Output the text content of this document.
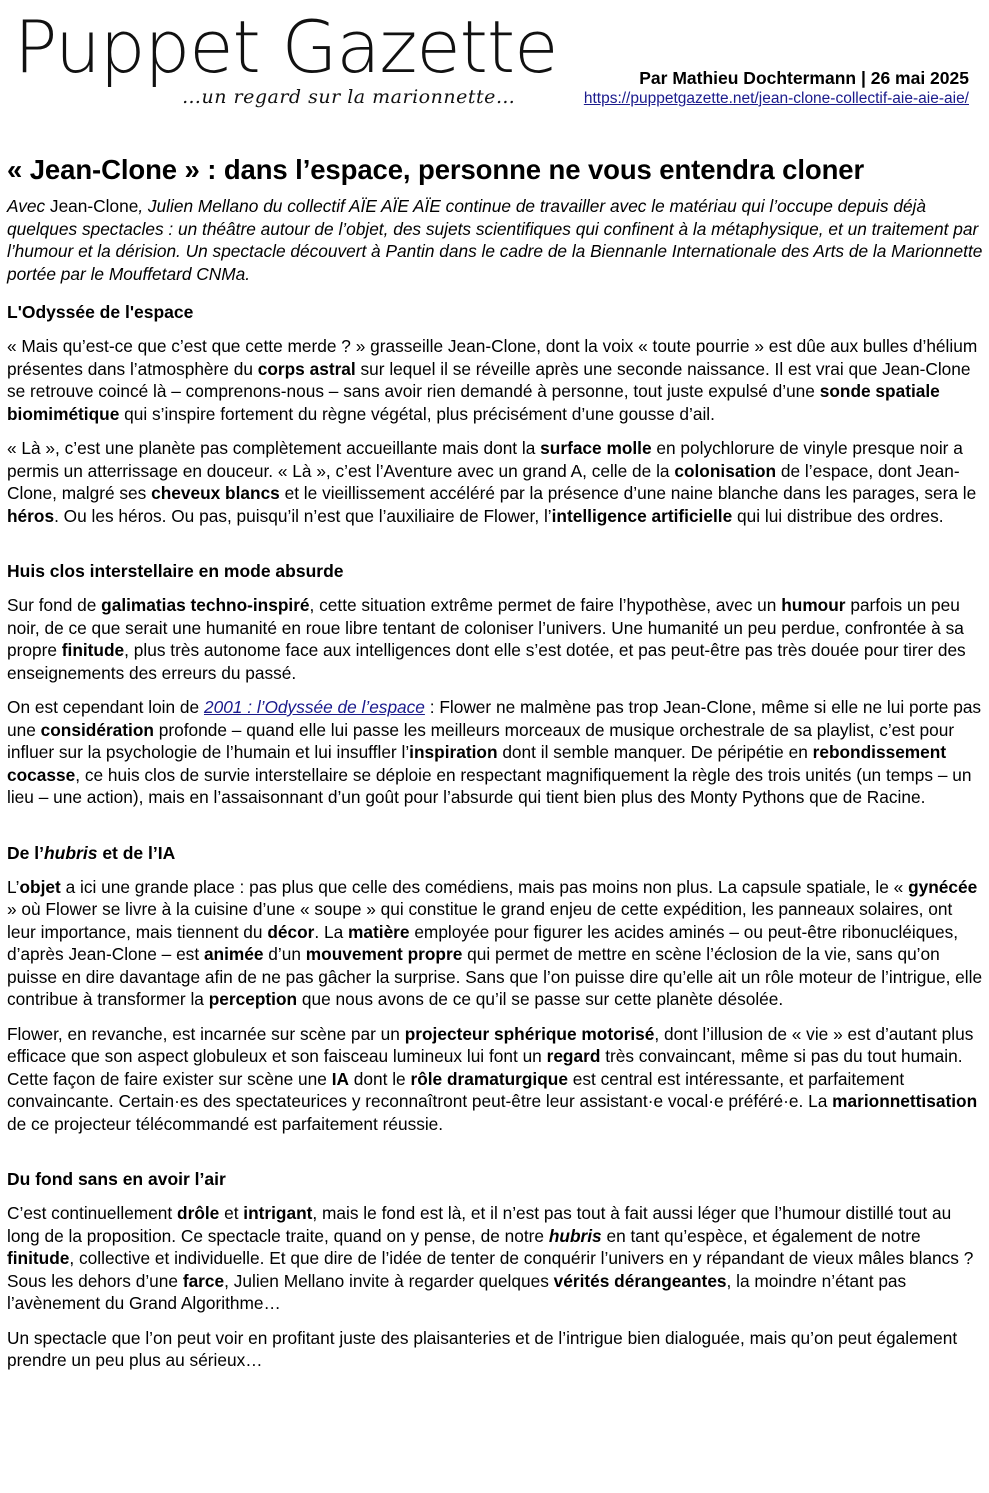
Puppet Gazette
…un regard sur la marionnette…
Par Mathieu Dochtermann | 26 mai 2025
https://puppetgazette.net/jean-clone-collectif-aie-aie-aie/
« Jean-Clone » : dans l’espace, personne ne vous entendra cloner

Avec Jean-Clone, Julien Mellano du collectif AÏE AÏE AÏE continue de travailler avec le matériau qui l’occupe depuis déjà quelques spectacles : un théâtre autour de l’objet, des sujets scientifiques qui confinent à la métaphysique, et un traitement par l’humour et la dérision. Un spectacle découvert à Pantin dans le cadre de la Biennanle Internationale des Arts de la Marionnette portée par le Mouffetard CNMa.

L'Odyssée de l'espace

« Mais qu’est-ce que c’est que cette merde ? » grasseille Jean-Clone, dont la voix « toute pourrie » est dûe aux bulles d’hélium présentes dans l’atmosphère du corps astral sur lequel il se réveille après une seconde naissance. Il est vrai que Jean-Clone se retrouve coincé là – comprenons-nous – sans avoir rien demandé à personne, tout juste expulsé d’une sonde spatiale biomimétique qui s’inspire fortement du règne végétal, plus précisément d’une gousse d’ail.

« Là », c’est une planète pas complètement accueillante mais dont la surface molle en polychlorure de vinyle presque noir a permis un atterrissage en douceur. « Là », c’est l’Aventure avec un grand A, celle de la colonisation de l’espace, dont Jean-Clone, malgré ses cheveux blancs et le vieillissement accéléré par la présence d’une naine blanche dans les parages, sera le héros. Ou les héros. Ou pas, puisqu’il n’est que l’auxiliaire de Flower, l’intelligence artificielle qui lui distribue des ordres.

Huis clos interstellaire en mode absurde

Sur fond de galimatias techno-inspiré, cette situation extrême permet de faire l’hypothèse, avec un humour parfois un peu noir, de ce que serait une humanité en roue libre tentant de coloniser l’univers. Une humanité un peu perdue, confrontée à sa propre finitude, plus très autonome face aux intelligences dont elle s’est dotée, et pas peut-être pas très douée pour tirer des enseignements des erreurs du passé.

On est cependant loin de 2001 : l’Odyssée de l’espace : Flower ne malmène pas trop Jean-Clone, même si elle ne lui porte pas une considération profonde – quand elle lui passe les meilleurs morceaux de musique orchestrale de sa playlist, c’est pour influer sur la psychologie de l’humain et lui insuffler l’inspiration dont il semble manquer. De péripétie en rebondissement cocasse, ce huis clos de survie interstellaire se déploie en respectant magnifiquement la règle des trois unités (un temps – un lieu – une action), mais en l’assaisonnant d’un goût pour l’absurde qui tient bien plus des Monty Pythons que de Racine.

De l’hubris et de l’IA

L’objet a ici une grande place : pas plus que celle des comédiens, mais pas moins non plus. La capsule spatiale, le « gynécée » où Flower se livre à la cuisine d’une « soupe » qui constitue le grand enjeu de cette expédition, les panneaux solaires, ont leur importance, mais tiennent du décor. La matière employée pour figurer les acides aminés – ou peut-être ribonucléiques, d’après Jean-Clone – est animée d’un mouvement propre qui permet de mettre en scène l’éclosion de la vie, sans qu’on puisse en dire davantage afin de ne pas gâcher la surprise. Sans que l’on puisse dire qu’elle ait un rôle moteur de l’intrigue, elle contribue à transformer la perception que nous avons de ce qu’il se passe sur cette planète désolée.

Flower, en revanche, est incarnée sur scène par un projecteur sphérique motorisé, dont l’illusion de « vie » est d’autant plus efficace que son aspect globuleux et son faisceau lumineux lui font un regard très convaincant, même si pas du tout humain. Cette façon de faire exister sur scène une IA dont le rôle dramaturgique est central est intéressante, et parfaitement convaincante. Certain·es des spectateurices y reconnaîtront peut-être leur assistant·e vocal·e préféré·e. La marionnettisation de ce projecteur télécommandé est parfaitement réussie.

Du fond sans en avoir l’air

C’est continuellement drôle et intrigant, mais le fond est là, et il n’est pas tout à fait aussi léger que l’humour distillé tout au long de la proposition. Ce spectacle traite, quand on y pense, de notre hubris en tant qu’espèce, et également de notre finitude, collective et individuelle. Et que dire de l’idée de tenter de conquérir l’univers en y répandant de vieux mâles blancs ? Sous les dehors d’une farce, Julien Mellano invite à regarder quelques vérités dérangeantes, la moindre n’étant pas l’avènement du Grand Algorithme…

Un spectacle que l’on peut voir en profitant juste des plaisanteries et de l’intrigue bien dialoguée, mais qu’on peut également prendre un peu plus au sérieux…
